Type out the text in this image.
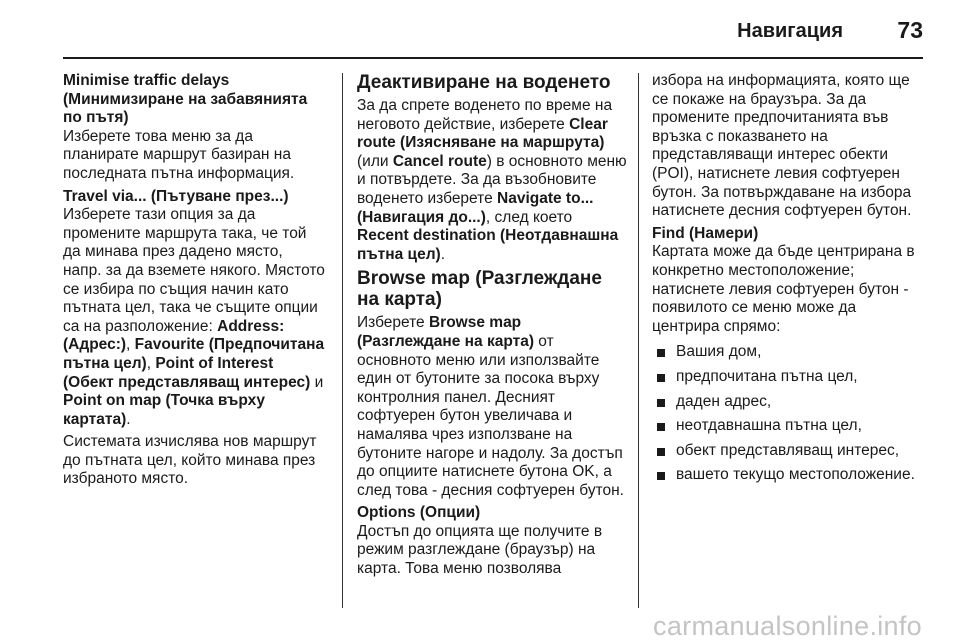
Навигация 73

Minimise traffic delays (Минимизиране на забавянията по пътя)

Изберете това меню за да планирате маршрут базиран на последната пътна информация.

Travel via... (Пътуване през...)

Изберете тази опция за да промените маршрута така, че той да минава през дадено място, напр. за да вземете някого. Мястото се избира по същия начин като пътната цел, така че същите опции са на разположение: Address: (Адрес:), Favourite (Предпочитана пътна цел), Point of Interest (Обект представляващ интерес) и Point on map (Точка върху картата).

Системата изчислява нов маршрут до пътната цел, който минава през избраното място.

Деактивиране на воденето

За да спрете воденето по време на неговото действие, изберете Clear route (Изясняване на маршрута) (или Cancel route) в основното меню и потвърдете. За да възобновите воденето изберете Navigate to... (Навигация до...), след което Recent destination (Неотдавнашна пътна цел).

Browse map (Разглеждане на карта)

Изберете Browse map (Разглеждане на карта) от основното меню или използвайте един от бутоните за посока върху контролния панел. Десният софтуерен бутон увеличава и намалява чрез използване на бутоните нагоре и надолу. За достъп до опциите натиснете бутона OK, а след това - десния софтуерен бутон.

Options (Опции)

Достъп до опцията ще получите в режим разглеждане (браузър) на карта. Това меню позволява

избора на информацията, която ще се покаже на браузъра. За да промените предпочитанията във връзка с показването на представляващи интерес обекти (POI), натиснете левия софтуерен бутон. За потвърждаване на избора натиснете десния софтуерен бутон.

Find (Намери)

Картата може да бъде центрирана в конкретно местоположение; натиснете левия софтуерен бутон - появилото се меню може да центрира спрямо:

Вашия дом,
предпочитана пътна цел,
даден адрес,
неотдавнашна пътна цел,
обект представляващ интерес,
вашето текущо местоположение.
carmanualsonline.info
